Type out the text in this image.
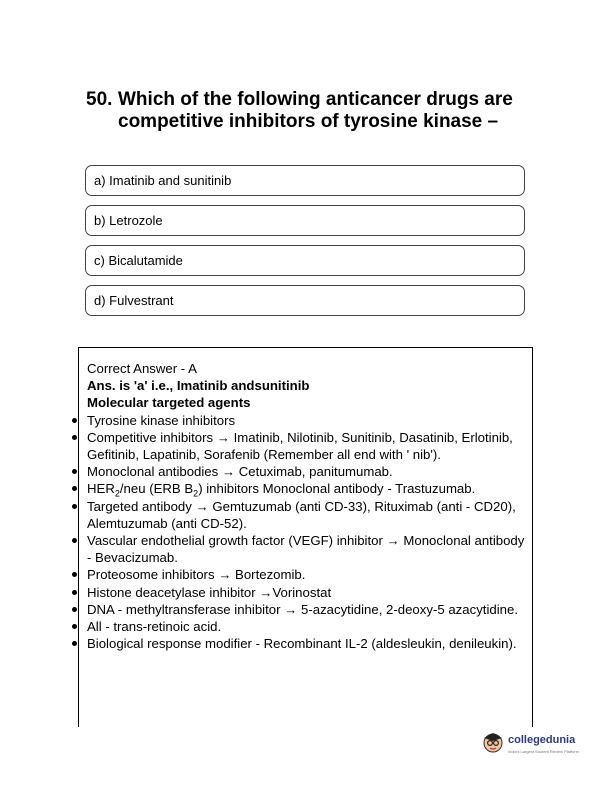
50. Which of the following anticancer drugs are competitive inhibitors of tyrosine kinase –
a) Imatinib and sunitinib
b) Letrozole
c) Bicalutamide
d) Fulvestrant
Correct Answer - A
Ans. is 'a' i.e., Imatinib andsunitinib
Molecular targeted agents
Tyrosine kinase inhibitors
Competitive inhibitors → Imatinib, Nilotinib, Sunitinib, Dasatinib, Erlotinib, Gefitinib, Lapatinib, Sorafenib (Remember all end with ' nib').
Monoclonal antibodies → Cetuximab, panitumumab.
$HER_2$/neu (ERB $B_2$) inhibitors Monoclonal antibody - Trastuzumab.
Targeted antibody → Gemtuzumab (anti CD-33), Rituximab (anti - CD20), Alemtuzumab (anti CD-52).
Vascular endothelial growth factor (VEGF) inhibitor → Monoclonal antibody - Bevacizumab.
Proteosome inhibitors → Bortezomib.
Histone deacetylase inhibitor →Vorinostat
DNA - methyltransferase inhibitor → 5-azacytidine, 2-deoxy-5 azacytidine.
All - trans-retinoic acid.
Biological response modifier - Recombinant IL-2 (aldesleukin, denileukin).
collegedunia
India's Largest Student Review Platform
